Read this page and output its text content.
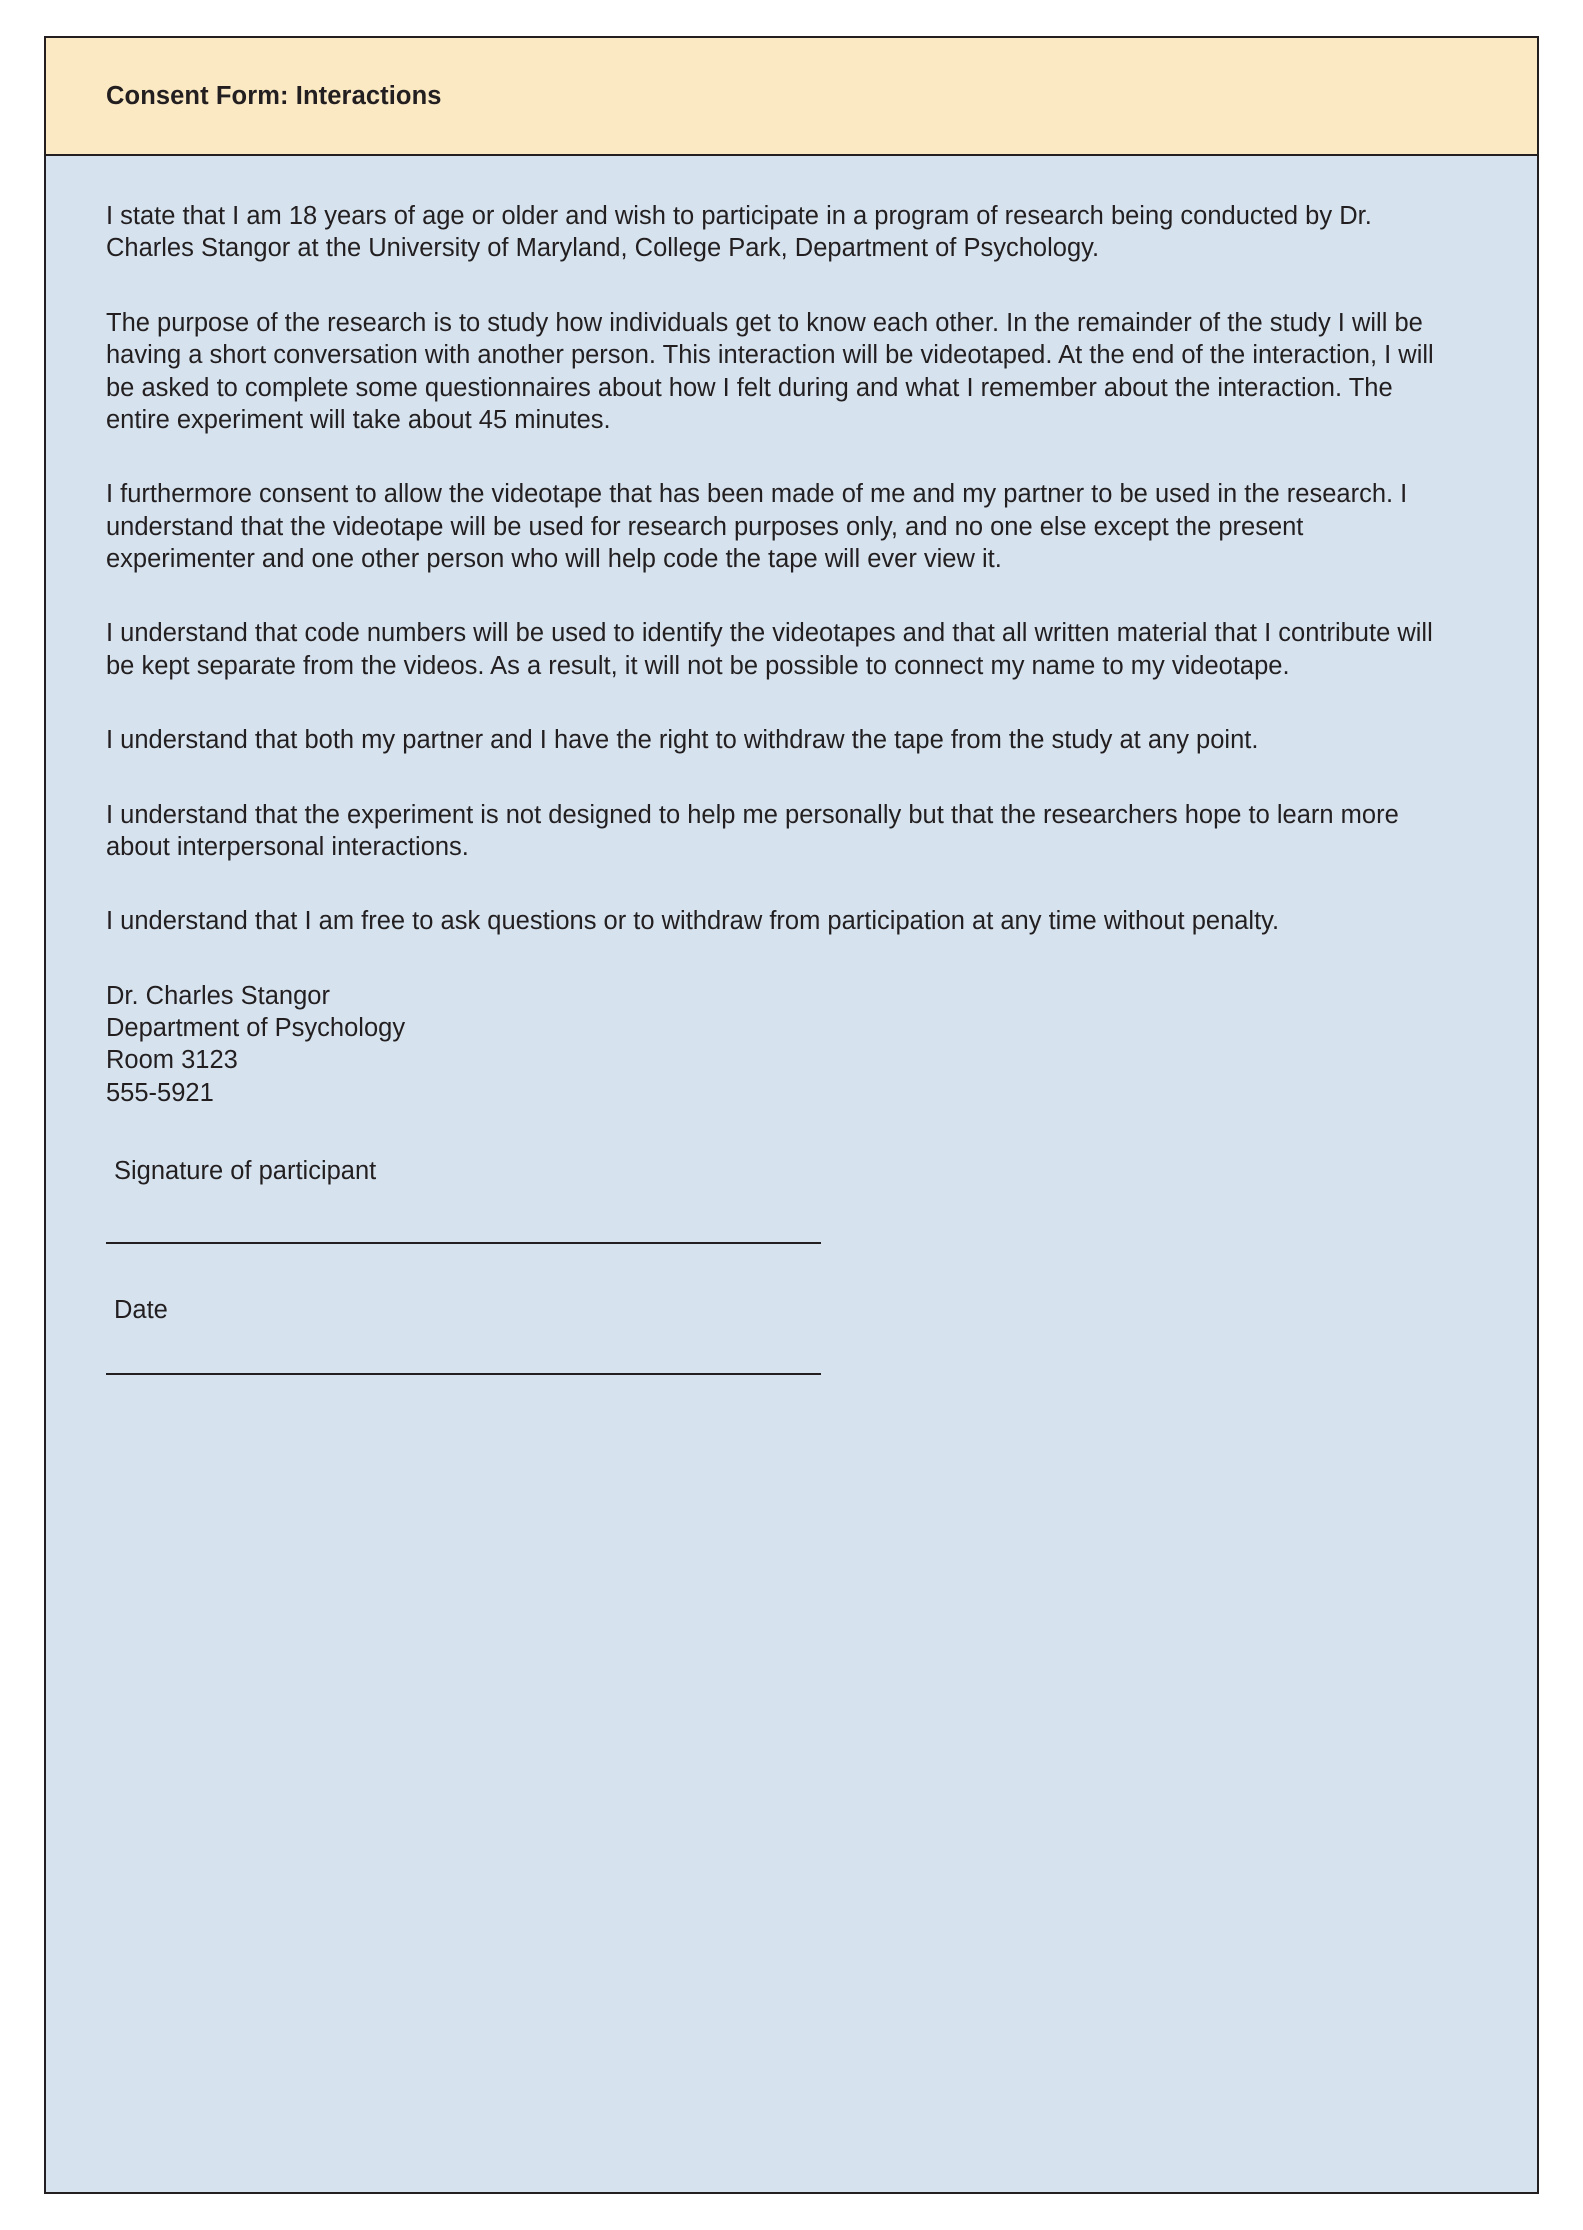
Consent Form: Interactions

I state that I am 18 years of age or older and wish to participate in a program of research being conducted by Dr. Charles Stangor at the University of Maryland, College Park, Department of Psychology.

The purpose of the research is to study how individuals get to know each other. In the remainder of the study I will be having a short conversation with another person. This interaction will be videotaped. At the end of the interaction, I will be asked to complete some questionnaires about how I felt during and what I remember about the interaction. The entire experiment will take about 45 minutes.

I furthermore consent to allow the videotape that has been made of me and my partner to be used in the research. I understand that the videotape will be used for research purposes only, and no one else except the present experimenter and one other person who will help code the tape will ever view it.

I understand that code numbers will be used to identify the videotapes and that all written material that I contribute will be kept separate from the videos. As a result, it will not be possible to connect my name to my videotape.

I understand that both my partner and I have the right to withdraw the tape from the study at any point.

I understand that the experiment is not designed to help me personally but that the researchers hope to learn more about interpersonal interactions.

I understand that I am free to ask questions or to withdraw from participation at any time without penalty.

Dr. Charles Stangor
Department of Psychology
Room 3123
555-5921
Signature of participant
Date
